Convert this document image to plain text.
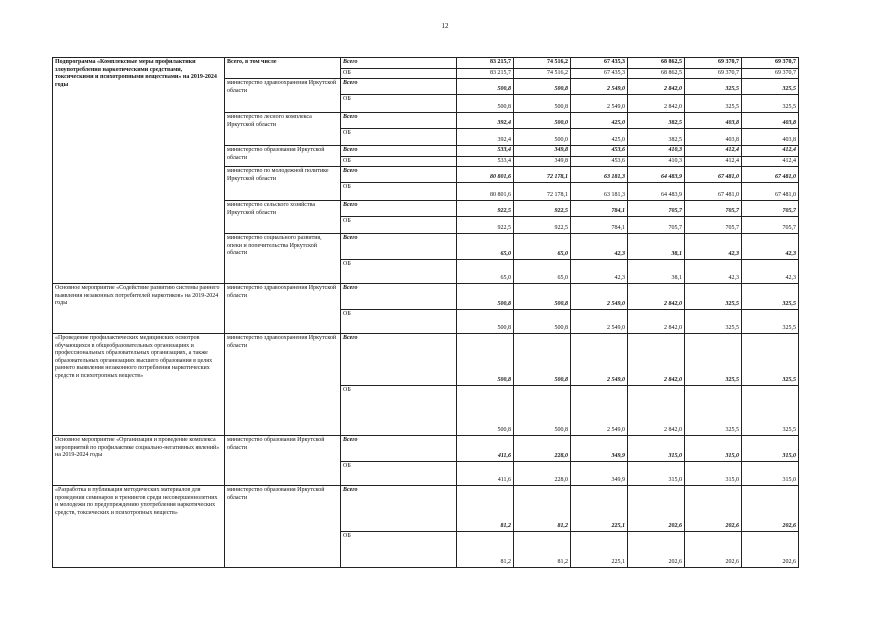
12
Подпрограмма «Комплексные меры профилактики злоупотребления наркотическими средствами, токсическими и психотропными веществами» на 2019-2024 годы	Всего, в том числе	Всего	83 215,7	74 516,2	67 435,3	68 862,5	69 370,7	69 370,7
		ОБ	83 215,7	74 516,2	67 435,3	68 862,5	69 370,7	69 370,7
	министерство здравоохранения Иркутской области	Всего	500,8	500,8	2 549,0	2 842,0	325,5	325,5
		ОБ	500,8	500,8	2 549,0	2 842,0	325,5	325,5
	министерство лесного комплекса Иркутской области	Всего	392,4	500,0	425,0	382,5	403,8	403,8
		ОБ	392,4	500,0	425,0	382,5	403,8	403,8
	министерство образования Иркутской области	Всего	533,4	349,8	453,6	410,3	412,4	412,4
		ОБ	533,4	349,8	453,6	410,3	412,4	412,4
	министерство по молодежной политике Иркутской области	Всего	80 801,6	72 178,1	63 181,3	64 483,9	67 481,0	67 481,0
		ОБ	80 801,6	72 178,1	63 181,3	64 483,9	67 481,0	67 481,0
	министерство сельского хозяйства Иркутской области	Всего	922,5	922,5	784,1	705,7	705,7	705,7
		ОБ	922,5	922,5	784,1	705,7	705,7	705,7
	министерство социального развития, опеки и попечительства Иркутской области	Всего	65,0	65,0	42,3	38,1	42,3	42,3
		ОБ	65,0	65,0	42,3	38,1	42,3	42,3
Основное мероприятие «Содействие развитию системы раннего выявления незаконных потребителей наркотиков» на 2019-2024 годы	министерство здравоохранения Иркутской области	Всего	500,8	500,8	2 549,0	2 842,0	325,5	325,5
		ОБ	500,8	500,8	2 549,0	2 842,0	325,5	325,5
«Проведение профилактических медицинских осмотров обучающихся в общеобразовательных организациях и профессиональных образовательных организациях, а также образовательных организациях высшего образования в целях раннего выявления незаконного потребления наркотических средств и психотропных веществ»	министерство здравоохранения Иркутской области	Всего	500,8	500,8	2 549,0	2 842,0	325,5	325,5
		ОБ	500,8	500,8	2 549,0	2 842,0	325,5	325,5
Основное мероприятие «Организация и проведение комплекса мероприятий по профилактике социально-негативных явлений» на 2019-2024 годы	министерство образования Иркутской области	Всего	411,6	228,0	349,9	315,0	315,0	315,0
		ОБ	411,6	228,0	349,9	315,0	315,0	315,0
«Разработка и публикация методических материалов для проведения семинаров и тренингов среди несовершеннолетних и молодежи по предупреждению употребления наркотических средств, токсических и психотропных веществ»	министерство образования Иркутской области	Всего	81,2	81,2	225,1	202,6	202,6	202,6
		ОБ	81,2	81,2	225,1	202,6	202,6	202,6
